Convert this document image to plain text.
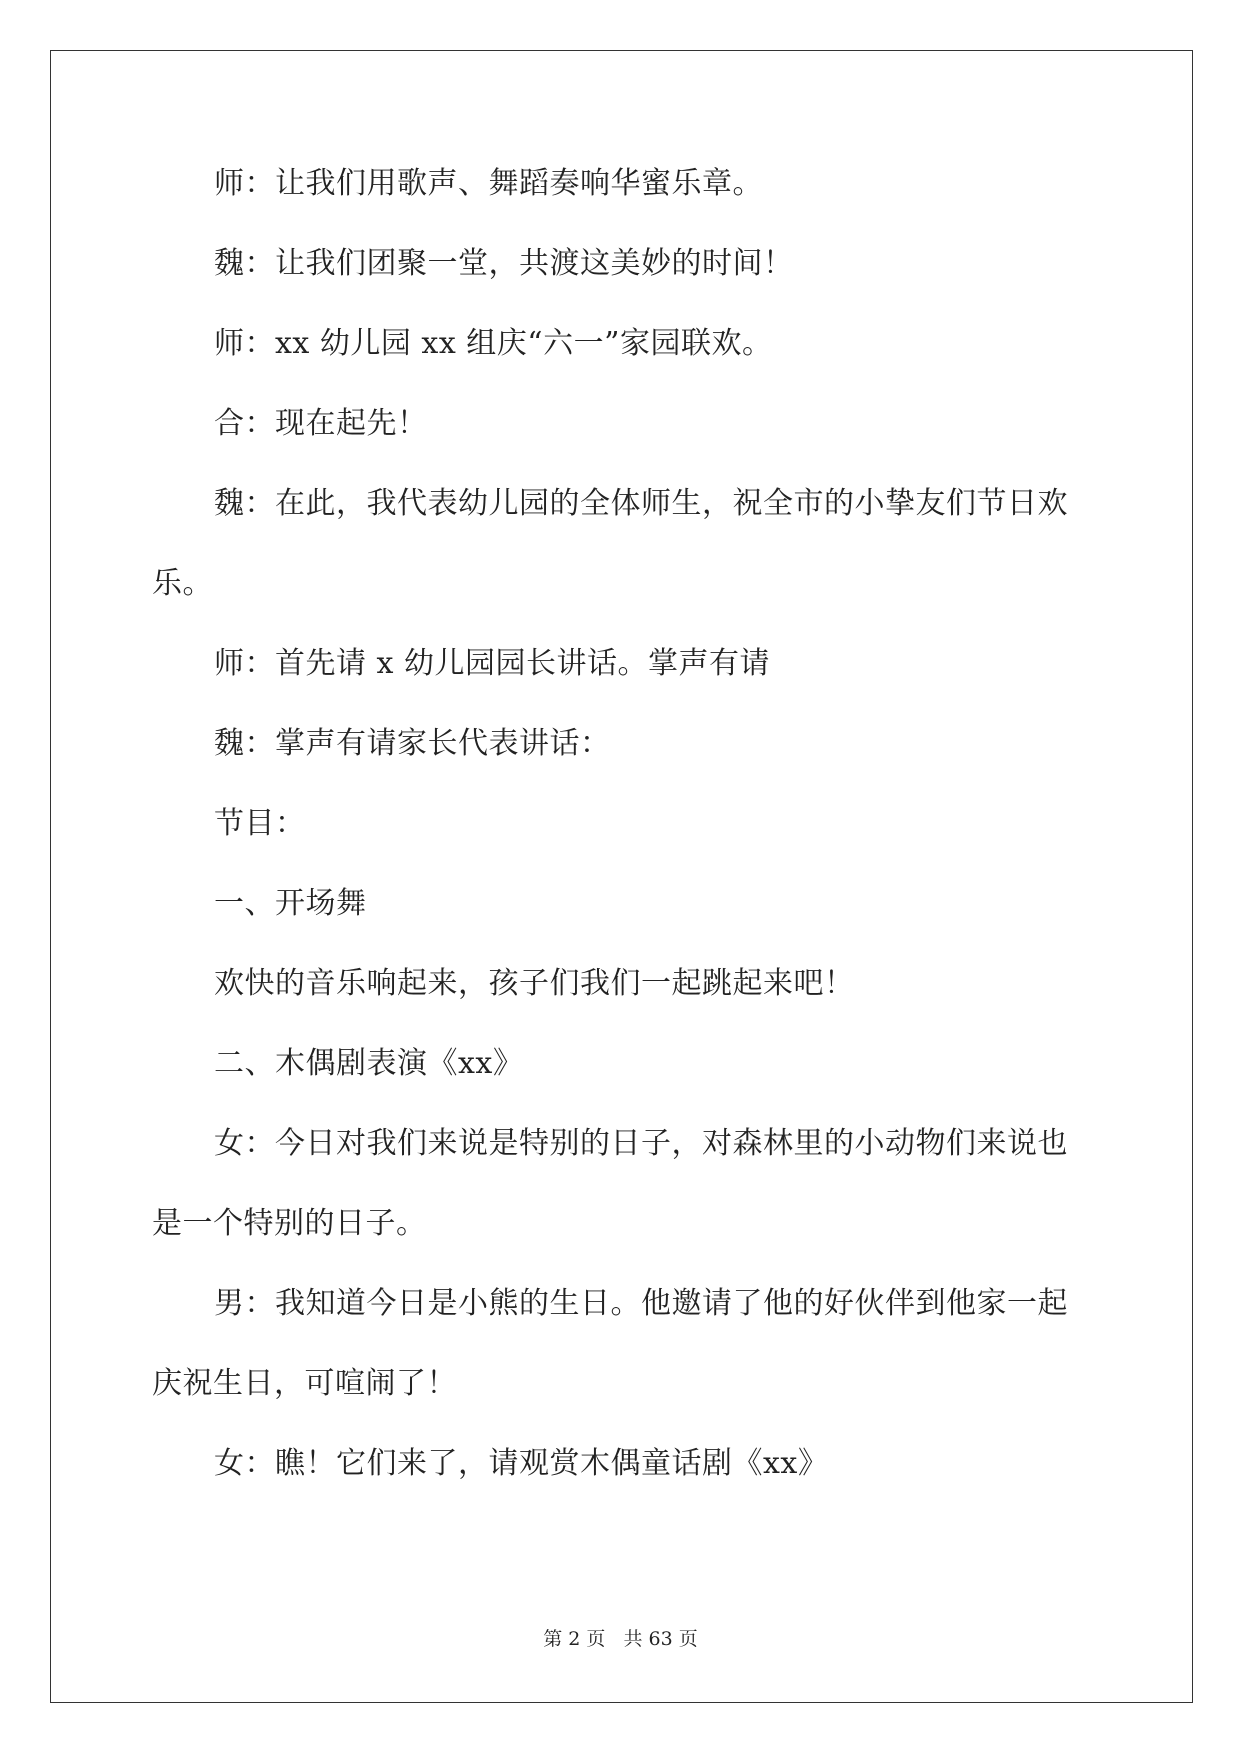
师：让我们用歌声、舞蹈奏响华蜜乐章。

魏：让我们团聚一堂，共渡这美妙的时间！

师：xx 幼儿园 xx 组庆“六一”家园联欢。

合：现在起先！

魏：在此，我代表幼儿园的全体师生，祝全市的小挚友们节日欢

乐。

师：首先请 x 幼儿园园长讲话。掌声有请

魏：掌声有请家长代表讲话：

节目：

一、开场舞

欢快的音乐响起来，孩子们我们一起跳起来吧！

二、木偶剧表演《xx》

女：今日对我们来说是特别的日子，对森林里的小动物们来说也

是一个特别的日子。

男：我知道今日是小熊的生日。他邀请了他的好伙伴到他家一起

庆祝生日，可喧闹了！

女：瞧！它们来了，请观赏木偶童话剧《xx》

第 2 页 共 63 页
